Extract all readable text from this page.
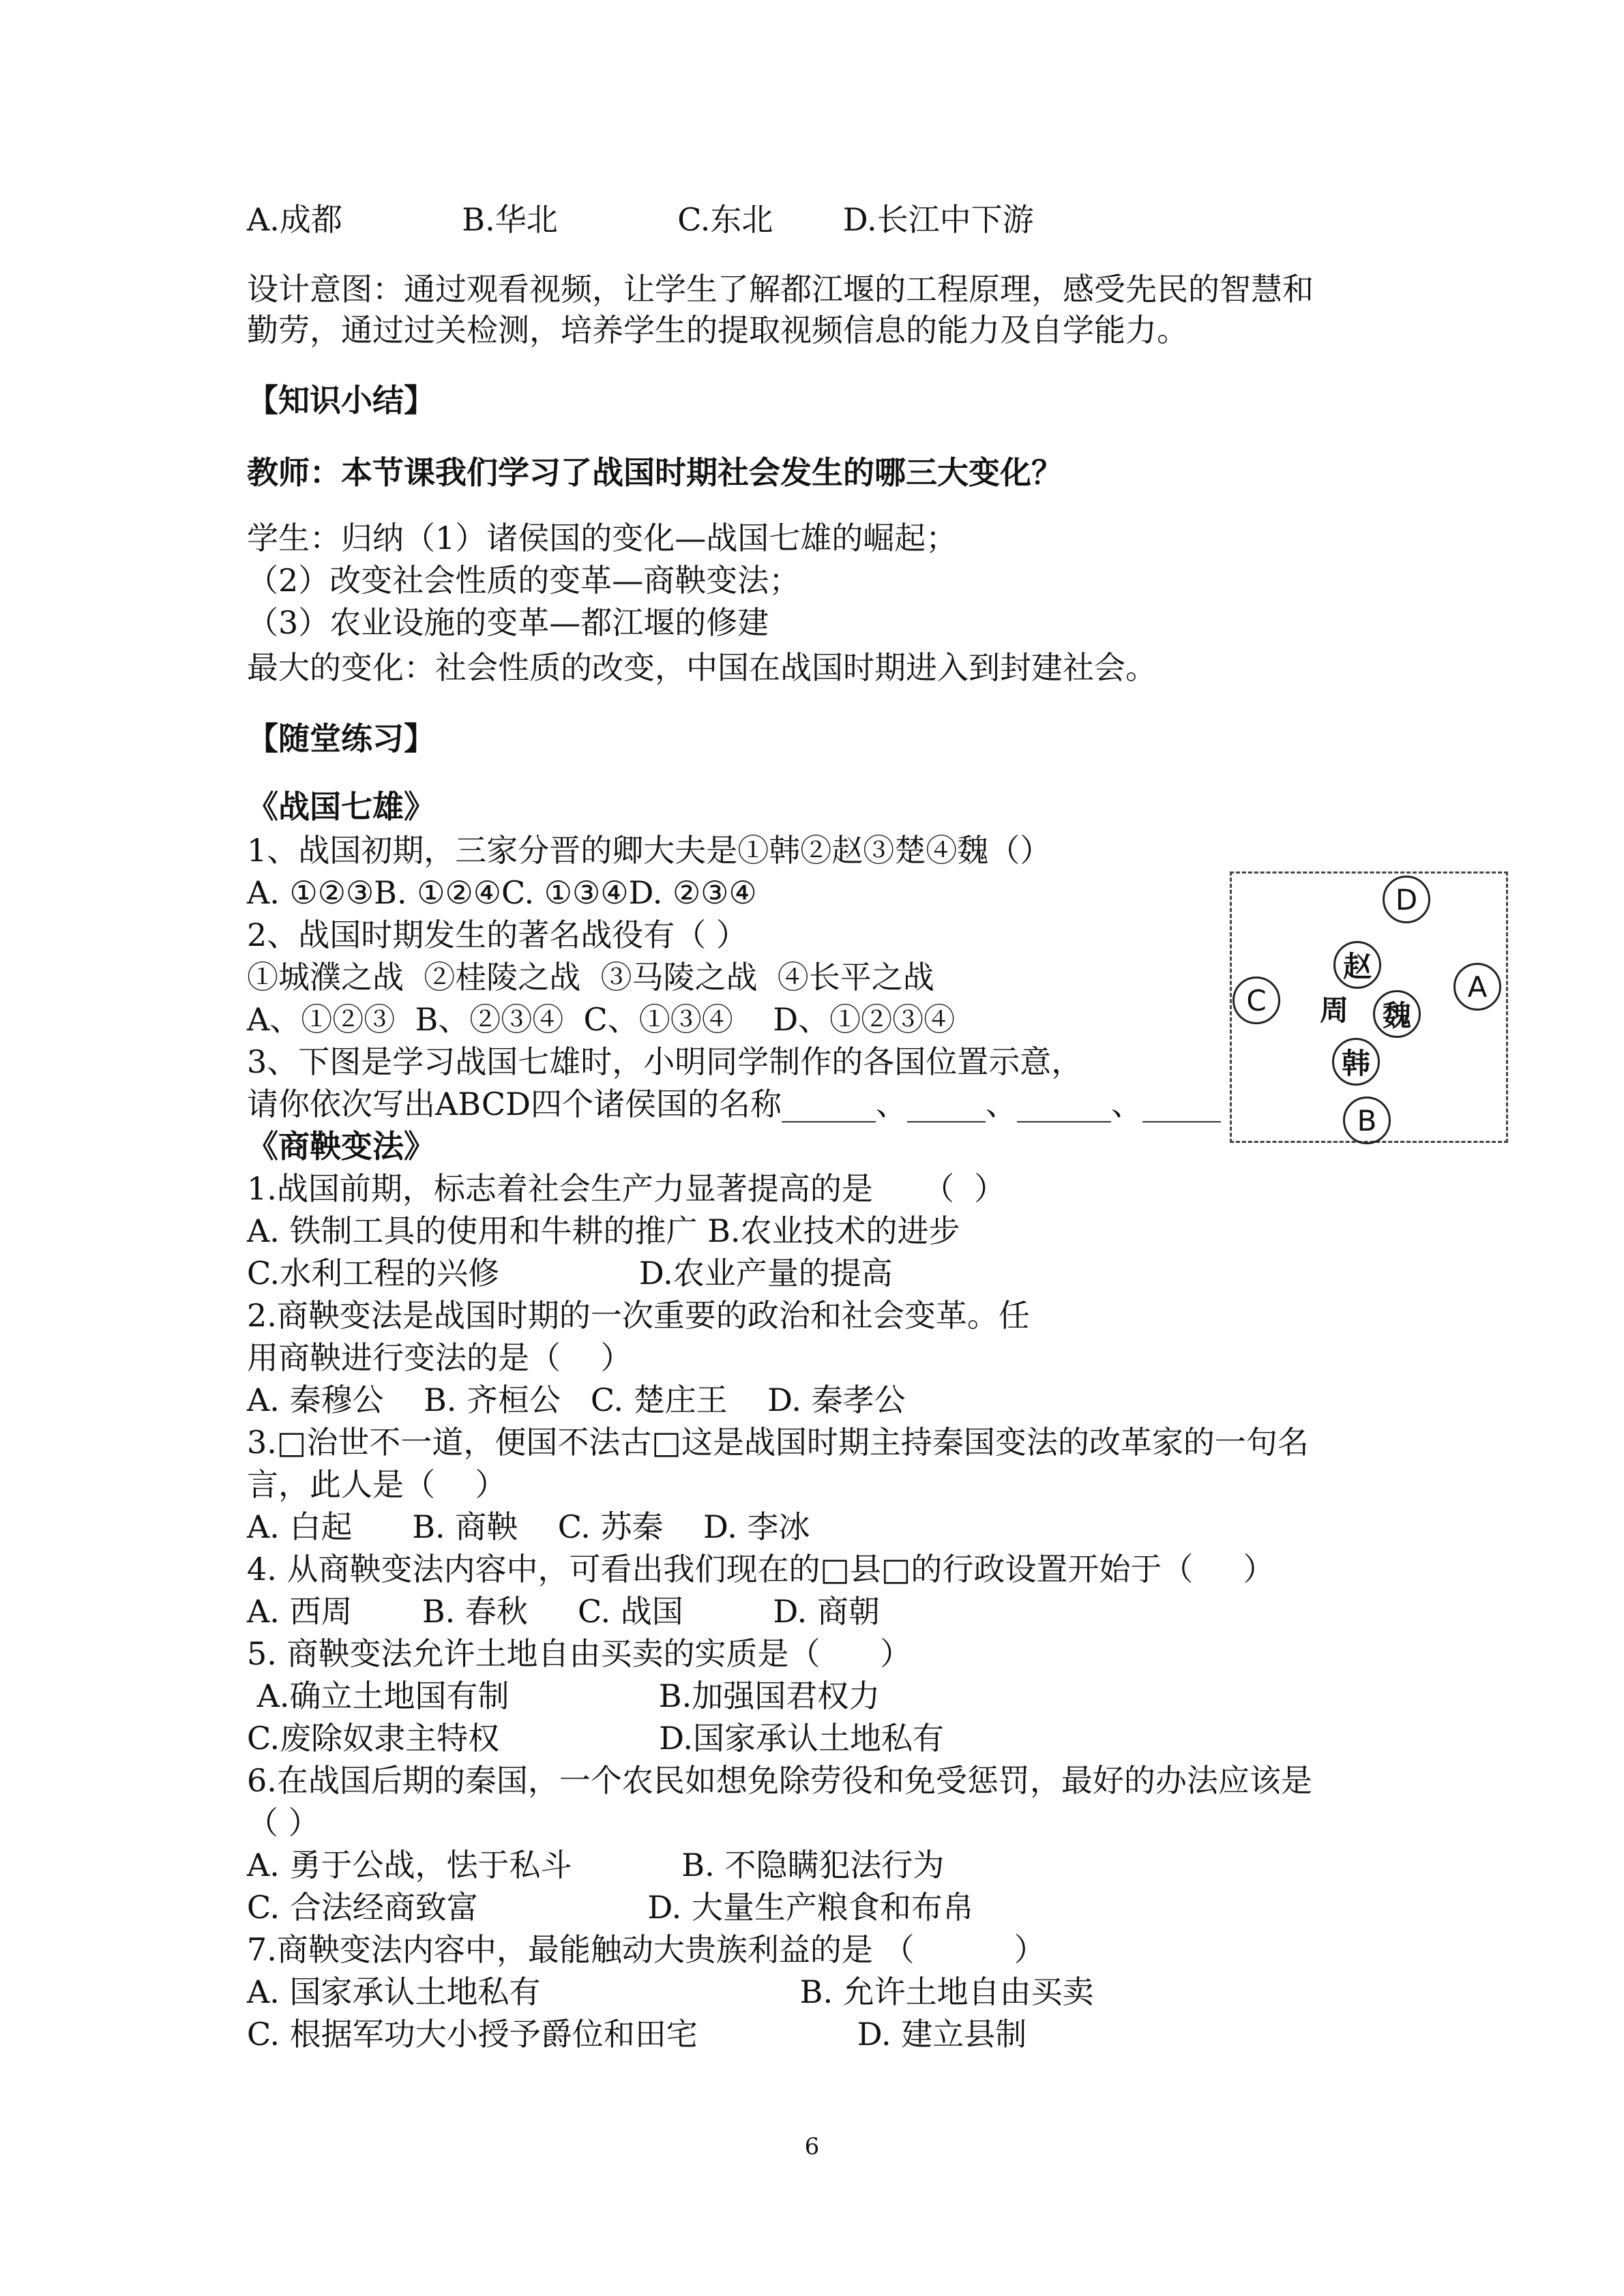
A.成都            B.华北            C.东北       D.长江中下游
设计意图：通过观看视频，让学生了解都江堰的工程原理，感受先民的智慧和
勤劳，通过过关检测，培养学生的提取视频信息的能力及自学能力。
【知识小结】
教师：本节课我们学习了战国时期社会发生的哪三大变化？
学生：归纳（1）诸侯国的变化—战国七雄的崛起；
（2）改变社会性质的变革—商鞅变法；
（3）农业设施的变革—都江堰的修建
最大的变化：社会性质的改变，中国在战国时期进入到封建社会。
【随堂练习】
《战国七雄》
1、战国初期，三家分晋的卿大夫是①韩②赵③楚④魏（）
A. ①②③B. ①②④C. ①③④D. ②③④
2、战国时期发生的著名战役有（ ）
①城濮之战  ②桂陵之战  ③马陵之战  ④长平之战
A、①②③  B、②③④  C、①③④    D、①②③④
3、下图是学习战国七雄时，小明同学制作的各国位置示意，
请你依次写出ABCD四个诸侯国的名称______、_____、______、_____
《商鞅变法》
1.战国前期，标志着社会生产力显著提高的是     （  ）
A. 铁制工具的使用和牛耕的推广 B.农业技术的进步
C.水利工程的兴修              D.农业产量的提高
2.商鞅变法是战国时期的一次重要的政治和社会变革。任
用商鞅进行变法的是（    ）
A. 秦穆公    B. 齐桓公   C. 楚庄王    D. 秦孝公
3.□治世不一道，便国不法古□这是战国时期主持秦国变法的改革家的一句名
言，此人是（    ）
A. 白起      B. 商鞅    C. 苏秦    D. 李冰
4. 从商鞅变法内容中，可看出我们现在的□县□的行政设置开始于（     ）
A. 西周       B. 春秋     C. 战国         D. 商朝
5. 商鞅变法允许土地自由买卖的实质是（      ）
A.确立土地国有制               B.加强国君权力
C.废除奴隶主特权                D.国家承认土地私有
6.在战国后期的秦国，一个农民如想免除劳役和免受惩罚，最好的办法应该是
（ ）
A. 勇于公战，怯于私斗           B. 不隐瞒犯法行为
C. 合法经商致富                 D. 大量生产粮食和布帛
7.商鞅变法内容中，最能触动大贵族利益的是 （          ）
A. 国家承认土地私有                          B. 允许土地自由买卖
C. 根据军功大小授予爵位和田宅                D. 建立县制
D
赵
C	周	魏
A
韩
B
6
